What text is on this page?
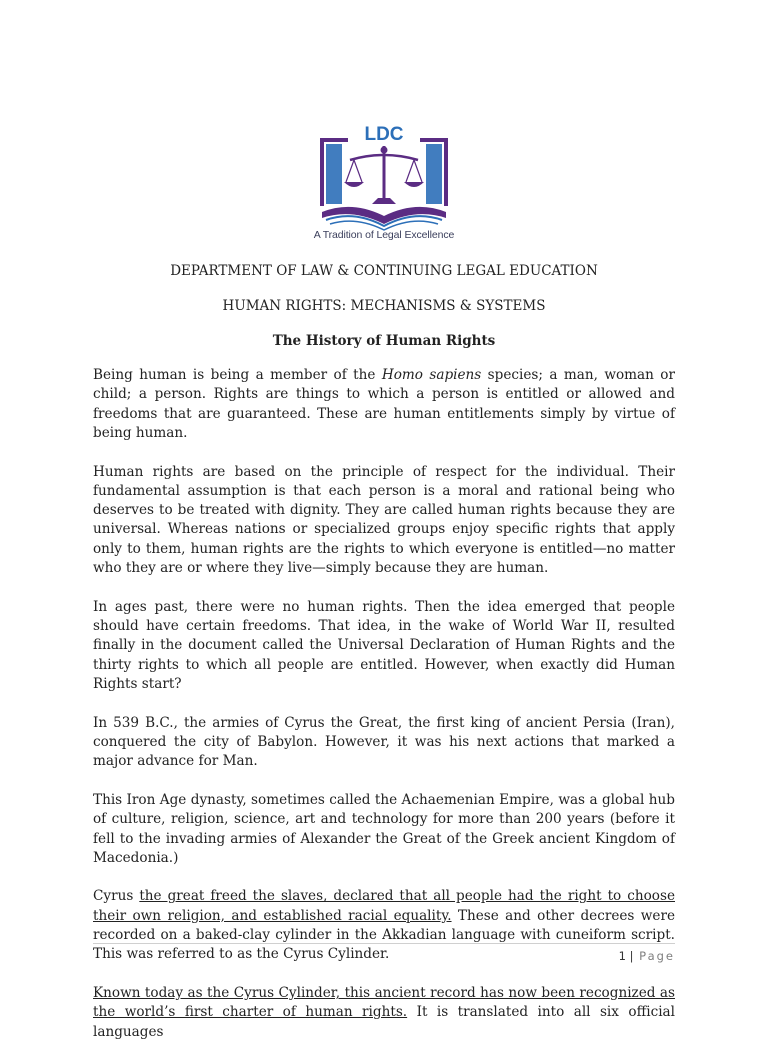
LDC
A Tradition of Legal Excellence
DEPARTMENT OF LAW & CONTINUING LEGAL EDUCATION
HUMAN RIGHTS: MECHANISMS & SYSTEMS
The History of Human Rights

Being human is being a member of the Homo sapiens species; a man, woman or child; a person. Rights are things to which a person is entitled or allowed and freedoms that are guaranteed. These are human entitlements simply by virtue of being human.

Human rights are based on the principle of respect for the individual. Their fundamental assumption is that each person is a moral and rational being who deserves to be treated with dignity. They are called human rights because they are universal. Whereas nations or specialized groups enjoy specific rights that apply only to them, human rights are the rights to which everyone is entitled—no matter who they are or where they live—simply because they are human.

In ages past, there were no human rights. Then the idea emerged that people should have certain freedoms. That idea, in the wake of World War II, resulted finally in the document called the Universal Declaration of Human Rights and the thirty rights to which all people are entitled. However, when exactly did Human Rights start?

In 539 B.C., the armies of Cyrus the Great, the first king of ancient Persia (Iran), conquered the city of Babylon. However, it was his next actions that marked a major advance for Man.

This Iron Age dynasty, sometimes called the Achaemenian Empire, was a global hub of culture, religion, science, art and technology for more than 200 years (before it fell to the invading armies of Alexander the Great of the Greek ancient Kingdom of Macedonia.)

Cyrus the great freed the slaves, declared that all people had the right to choose their own religion, and established racial equality. These and other decrees were recorded on a baked-clay cylinder in the Akkadian language with cuneiform script. This was referred to as the Cyrus Cylinder.

Known today as the Cyrus Cylinder, this ancient record has now been recognized as the world’s first charter of human rights. It is translated into all six official languages

1 | Page
